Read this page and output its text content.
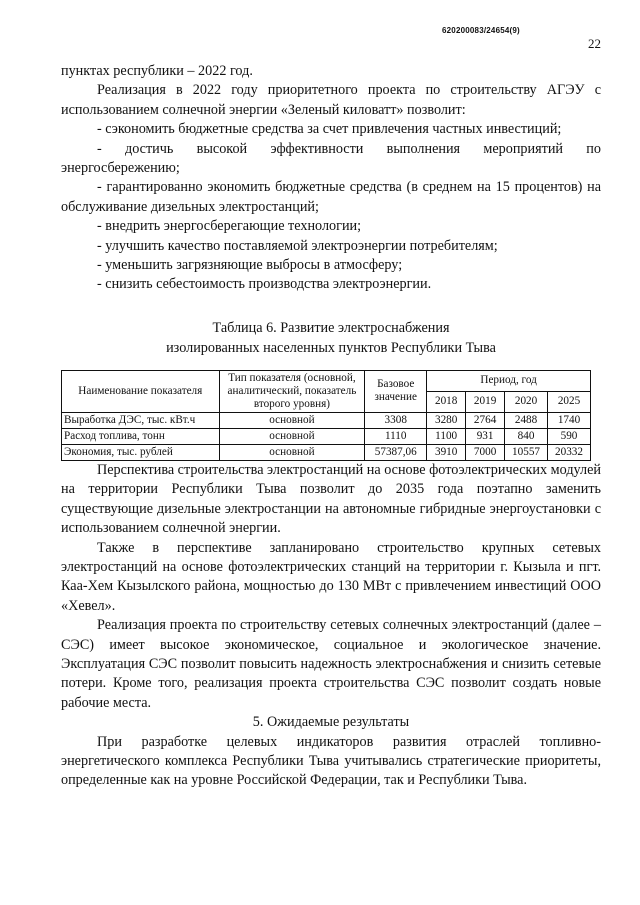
620200083/24654(9)
22

пунктах республики – 2022 год.

Реализация в 2022 году приоритетного проекта по строительству АГЭУ с использованием солнечной энергии «Зеленый киловатт» позволит:

- сэкономить бюджетные средства за счет привлечения частных инвестиций;

- достичь высокой эффективности выполнения мероприятий по энергосбережению;

- гарантированно экономить бюджетные средства (в среднем на 15 процентов) на обслуживание дизельных электростанций;

- внедрить энергосберегающие технологии;

- улучшить качество поставляемой электроэнергии потребителям;

- уменьшить загрязняющие выбросы в атмосферу;

- снизить себестоимость производства электроэнергии.

Таблица 6. Развитие электроснабжения
изолированных населенных пунктов Республики Тыва
Наименование показателя	Тип показателя (основной, аналитический, показатель второго уровня)	Базовое значение	Период, год			
			2018	2019	2020	2025
Выработка ДЭС, тыс. кВт.ч	основной	3308	3280	2764	2488	1740
Расход топлива, тонн	основной	1110	1100	931	840	590
Экономия, тыс. рублей	основной	57387,06	3910	7000	10557	20332

Перспектива строительства электростанций на основе фотоэлектрических модулей на территории Республики Тыва позволит до 2035 года поэтапно заменить существующие дизельные электростанции на автономные гибридные энергоустановки с использованием солнечной энергии.

Также в перспективе запланировано строительство крупных сетевых электростанций на основе фотоэлектрических станций на территории г. Кызыла и пгт. Каа-Хем Кызылского района, мощностью до 130 МВт с привлечением инвестиций ООО «Хевел».

Реализация проекта по строительству сетевых солнечных электростанций (далее – СЭС) имеет высокое экономическое, социальное и экологическое значение. Эксплуатация СЭС позволит повысить надежность электроснабжения и снизить сетевые потери. Кроме того, реализация проекта строительства СЭС позволит создать новые рабочие места.

5. Ожидаемые результаты

При разработке целевых индикаторов развития отраслей топливно-энергетического комплекса Республики Тыва учитывались стратегические приоритеты, определенные как на уровне Российской Федерации, так и Республики Тыва.
